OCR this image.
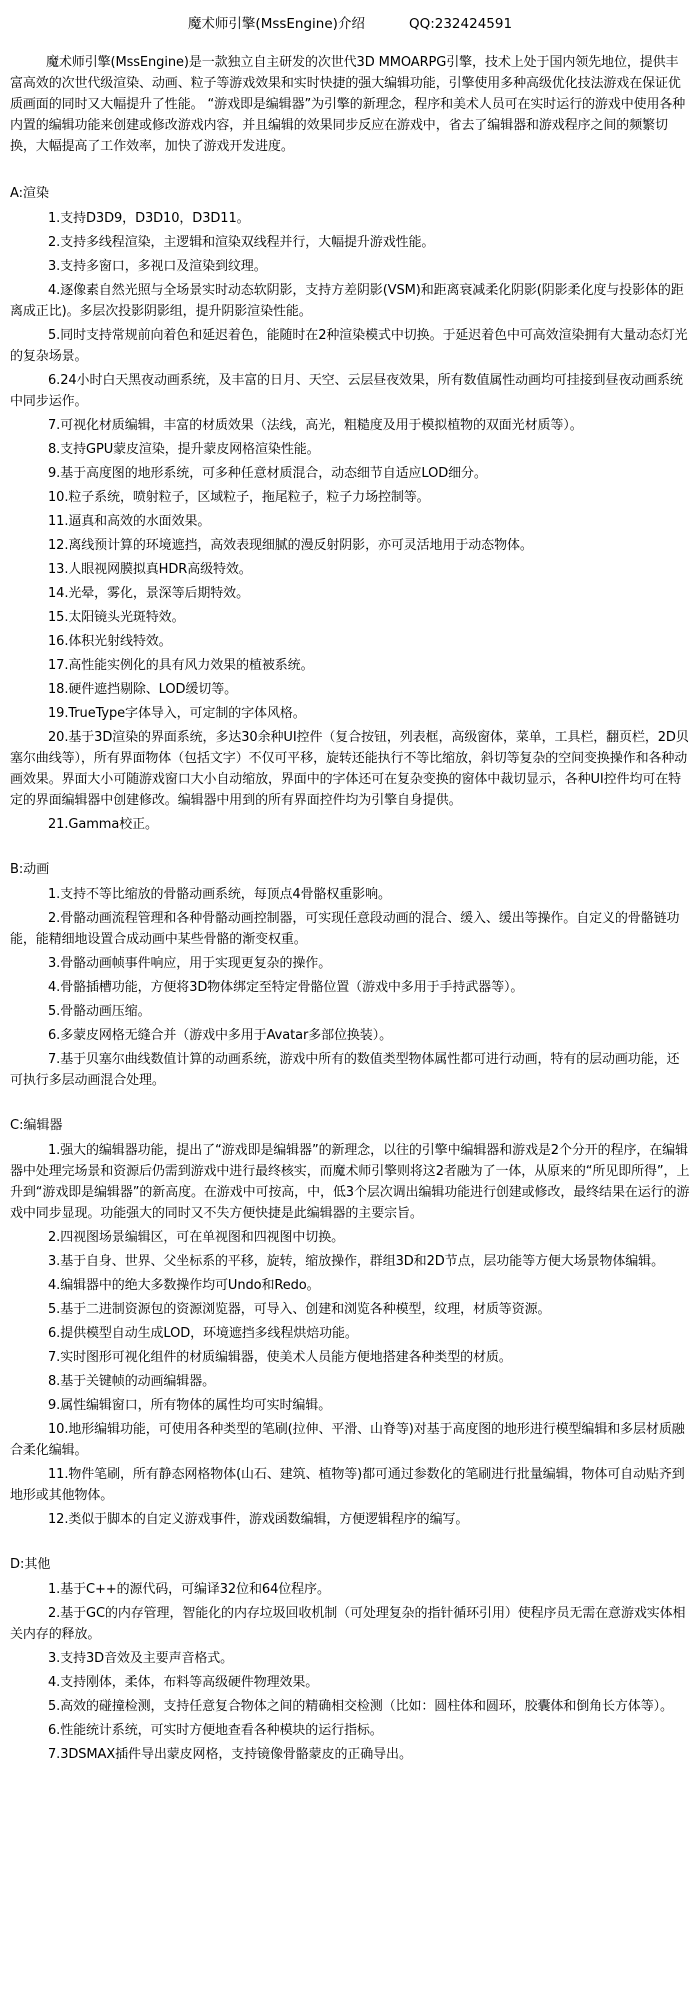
魔术师引擎(MssEngine)介绍	QQ:232424591

魔术师引擎(MssEngine)是一款独立自主研发的次世代3D MMOARPG引擎，技术上处于国内领先地位，提供丰富高效的次世代级渲染、动画、粒子等游戏效果和实时快捷的强大编辑功能，引擎使用多种高级优化技法游戏在保证优质画面的同时又大幅提升了性能。 “游戏即是编辑器”为引擎的新理念，程序和美术人员可在实时运行的游戏中使用各种内置的编辑功能来创建或修改游戏内容，并且编辑的效果同步反应在游戏中，省去了编辑器和游戏程序之间的频繁切换，大幅提高了工作效率，加快了游戏开发进度。

A:渲染
1.支持D3D9，D3D10，D3D11。
2.支持多线程渲染，主逻辑和渲染双线程并行，大幅提升游戏性能。
3.支持多窗口，多视口及渲染到纹理。
4.逐像素自然光照与全场景实时动态软阴影，支持方差阴影(VSM)和距离衰减柔化阴影(阴影柔化度与投影体的距离成正比)。多层次投影阴影组，提升阴影渲染性能。
5.同时支持常规前向着色和延迟着色，能随时在2种渲染模式中切换。于延迟着色中可高效渲染拥有大量动态灯光的复杂场景。
6.24小时白天黑夜动画系统，及丰富的日月、天空、云层昼夜效果，所有数值属性动画均可挂接到昼夜动画系统中同步运作。
7.可视化材质编辑，丰富的材质效果（法线，高光，粗糙度及用于模拟植物的双面光材质等）。
8.支持GPU蒙皮渲染，提升蒙皮网格渲染性能。
9.基于高度图的地形系统，可多种任意材质混合，动态细节自适应LOD细分。
10.粒子系统，喷射粒子，区域粒子，拖尾粒子，粒子力场控制等。
11.逼真和高效的水面效果。
12.离线预计算的环境遮挡，高效表现细腻的漫反射阴影，亦可灵活地用于动态物体。
13.人眼视网膜拟真HDR高级特效。
14.光晕，雾化，景深等后期特效。
15.太阳镜头光斑特效。
16.体积光射线特效。
17.高性能实例化的具有风力效果的植被系统。
18.硬件遮挡剔除、LOD缓切等。
19.TrueType字体导入，可定制的字体风格。
20.基于3D渲染的界面系统，多达30余种UI控件（复合按钮，列表框，高级窗体，菜单，工具栏，翻页栏，2D贝塞尔曲线等），所有界面物体（包括文字）不仅可平移，旋转还能执行不等比缩放，斜切等复杂的空间变换操作和各种动画效果。界面大小可随游戏窗口大小自动缩放，界面中的字体还可在复杂变换的窗体中裁切显示，各种UI控件均可在特定的界面编辑器中创建修改。编辑器中用到的所有界面控件均为引擎自身提供。
21.Gamma校正。
B:动画
1.支持不等比缩放的骨骼动画系统，每顶点4骨骼权重影响。
2.骨骼动画流程管理和各种骨骼动画控制器，可实现任意段动画的混合、缓入、缓出等操作。自定义的骨骼链功能，能精细地设置合成动画中某些骨骼的渐变权重。
3.骨骼动画帧事件响应，用于实现更复杂的操作。
4.骨骼插槽功能，方便将3D物体绑定至特定骨骼位置（游戏中多用于手持武器等）。
5.骨骼动画压缩。
6.多蒙皮网格无缝合并（游戏中多用于Avatar多部位换装）。
7.基于贝塞尔曲线数值计算的动画系统，游戏中所有的数值类型物体属性都可进行动画，特有的层动画功能，还可执行多层动画混合处理。
C:编辑器
1.强大的编辑器功能，提出了“游戏即是编辑器”的新理念，以往的引擎中编辑器和游戏是2个分开的程序，在编辑器中处理完场景和资源后仍需到游戏中进行最终核实，而魔术师引擎则将这2者融为了一体，从原来的“所见即所得”，上升到“游戏即是编辑器”的新高度。在游戏中可按高，中，低3个层次调出编辑功能进行创建或修改，最终结果在运行的游戏中同步显现。功能强大的同时又不失方便快捷是此编辑器的主要宗旨。
2.四视图场景编辑区，可在单视图和四视图中切换。
3.基于自身、世界、父坐标系的平移，旋转，缩放操作，群组3D和2D节点，层功能等方便大场景物体编辑。
4.编辑器中的绝大多数操作均可Undo和Redo。
5.基于二进制资源包的资源浏览器，可导入、创建和浏览各种模型，纹理，材质等资源。
6.提供模型自动生成LOD，环境遮挡多线程烘焙功能。
7.实时图形可视化组件的材质编辑器，使美术人员能方便地搭建各种类型的材质。
8.基于关键帧的动画编辑器。
9.属性编辑窗口，所有物体的属性均可实时编辑。
10.地形编辑功能，可使用各种类型的笔刷(拉伸、平滑、山脊等)对基于高度图的地形进行模型编辑和多层材质融合柔化编辑。
11.物件笔刷，所有静态网格物体(山石、建筑、植物等)都可通过参数化的笔刷进行批量编辑，物体可自动贴齐到地形或其他物体。
12.类似于脚本的自定义游戏事件，游戏函数编辑，方便逻辑程序的编写。
D:其他
1.基于C++的源代码，可编译32位和64位程序。
2.基于GC的内存管理，智能化的内存垃圾回收机制（可处理复杂的指针循环引用）使程序员无需在意游戏实体相关内存的释放。
3.支持3D音效及主要声音格式。
4.支持刚体，柔体，布料等高级硬件物理效果。
5.高效的碰撞检测，支持任意复合物体之间的精确相交检测（比如：圆柱体和圆环，胶囊体和倒角长方体等）。
6.性能统计系统，可实时方便地查看各种模块的运行指标。
7.3DSMAX插件导出蒙皮网格，支持镜像骨骼蒙皮的正确导出。
